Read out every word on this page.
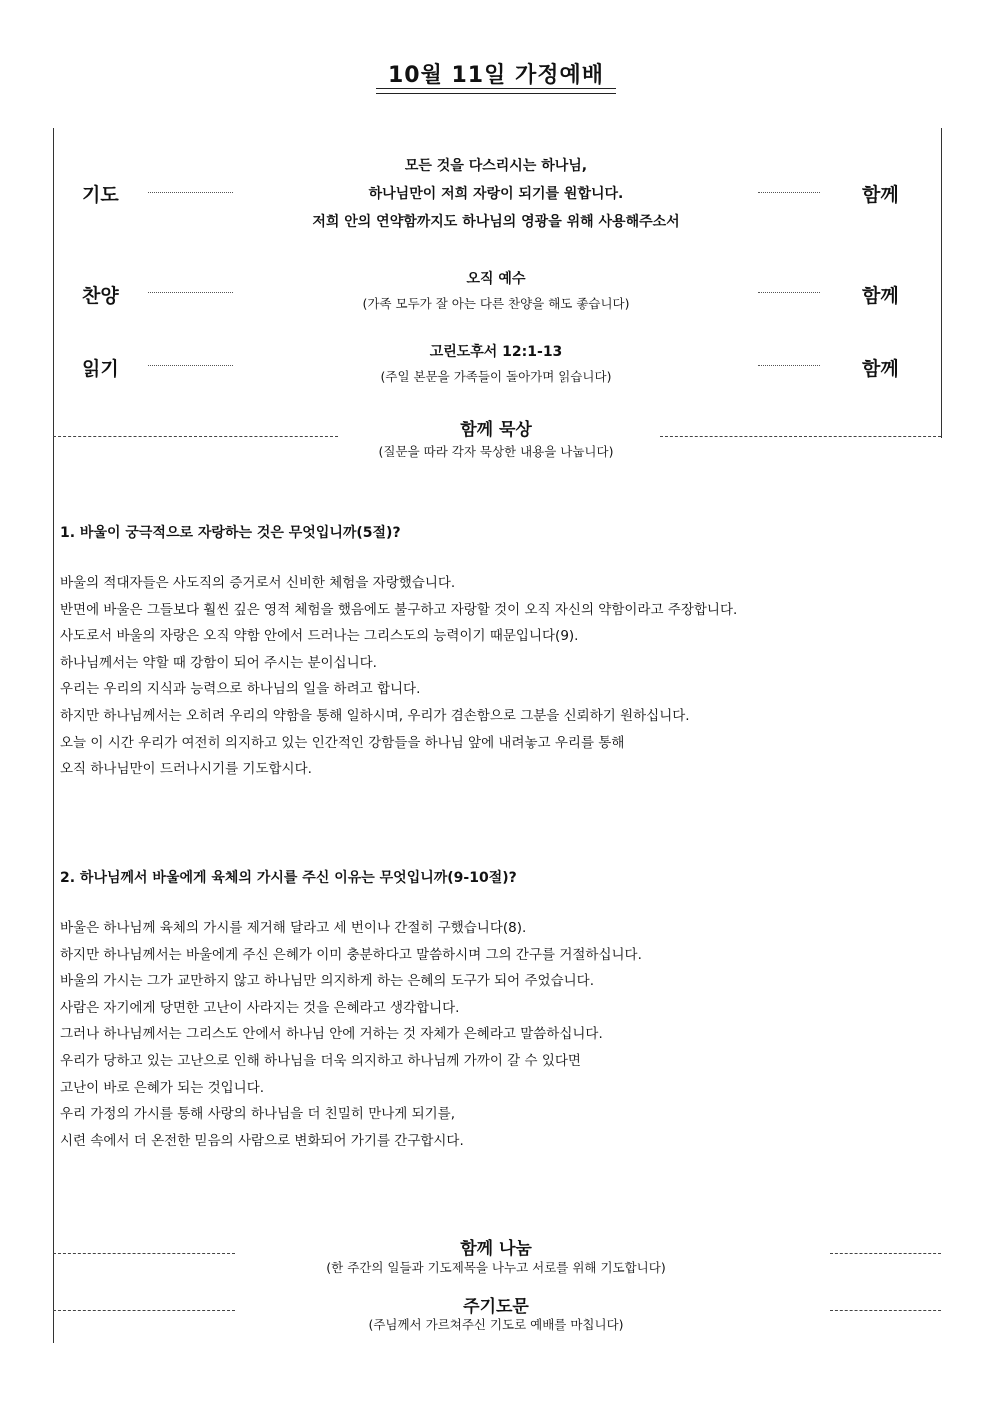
10월 11일 가정예배
기도
모든 것을 다스리시는 하나님,
하나님만이 저희 자랑이 되기를 원합니다.
저희 안의 연약함까지도 하나님의 영광을 위해 사용해주소서
함께
찬양
오직 예수
(가족 모두가 잘 아는 다른 찬양을 해도 좋습니다)	함께
읽기
고린도후서 12:1-13
(주일 본문을 가족들이 돌아가며 읽습니다)	함께
함께 묵상
(질문을 따라 각자 묵상한 내용을 나눕니다)
1. 바울이 궁극적으로 자랑하는 것은 무엇입니까(5절)?
바울의 적대자들은 사도직의 증거로서 신비한 체험을 자랑했습니다.
반면에 바울은 그들보다 훨씬 깊은 영적 체험을 했음에도 불구하고 자랑할 것이 오직 자신의 약함이라고 주장합니다.
사도로서 바울의 자랑은 오직 약함 안에서 드러나는 그리스도의 능력이기 때문입니다(9).
하나님께서는 약할 때 강함이 되어 주시는 분이십니다.
우리는 우리의 지식과 능력으로 하나님의 일을 하려고 합니다.
하지만 하나님께서는 오히려 우리의 약함을 통해 일하시며, 우리가 겸손함으로 그분을 신뢰하기 원하십니다.
오늘 이 시간 우리가 여전히 의지하고 있는 인간적인 강함들을 하나님 앞에 내려놓고 우리를 통해
오직 하나님만이 드러나시기를 기도합시다.
2. 하나님께서 바울에게 육체의 가시를 주신 이유는 무엇입니까(9-10절)?
바울은 하나님께 육체의 가시를 제거해 달라고 세 번이나 간절히 구했습니다(8).
하지만 하나님께서는 바울에게 주신 은혜가 이미 충분하다고 말씀하시며 그의 간구를 거절하십니다.
바울의 가시는 그가 교만하지 않고 하나님만 의지하게 하는 은혜의 도구가 되어 주었습니다.
사람은 자기에게 당면한 고난이 사라지는 것을 은혜라고 생각합니다.
그러나 하나님께서는 그리스도 안에서 하나님 안에 거하는 것 자체가 은혜라고 말씀하십니다.
우리가 당하고 있는 고난으로 인해 하나님을 더욱 의지하고 하나님께 가까이 갈 수 있다면
고난이 바로 은혜가 되는 것입니다.
우리 가정의 가시를 통해 사랑의 하나님을 더 친밀히 만나게 되기를,
시련 속에서 더 온전한 믿음의 사람으로 변화되어 가기를 간구합시다.
함께 나눔
(한 주간의 일들과 기도제목을 나누고 서로를 위해 기도합니다)
주기도문
(주님께서 가르쳐주신 기도로 예배를 마칩니다)
